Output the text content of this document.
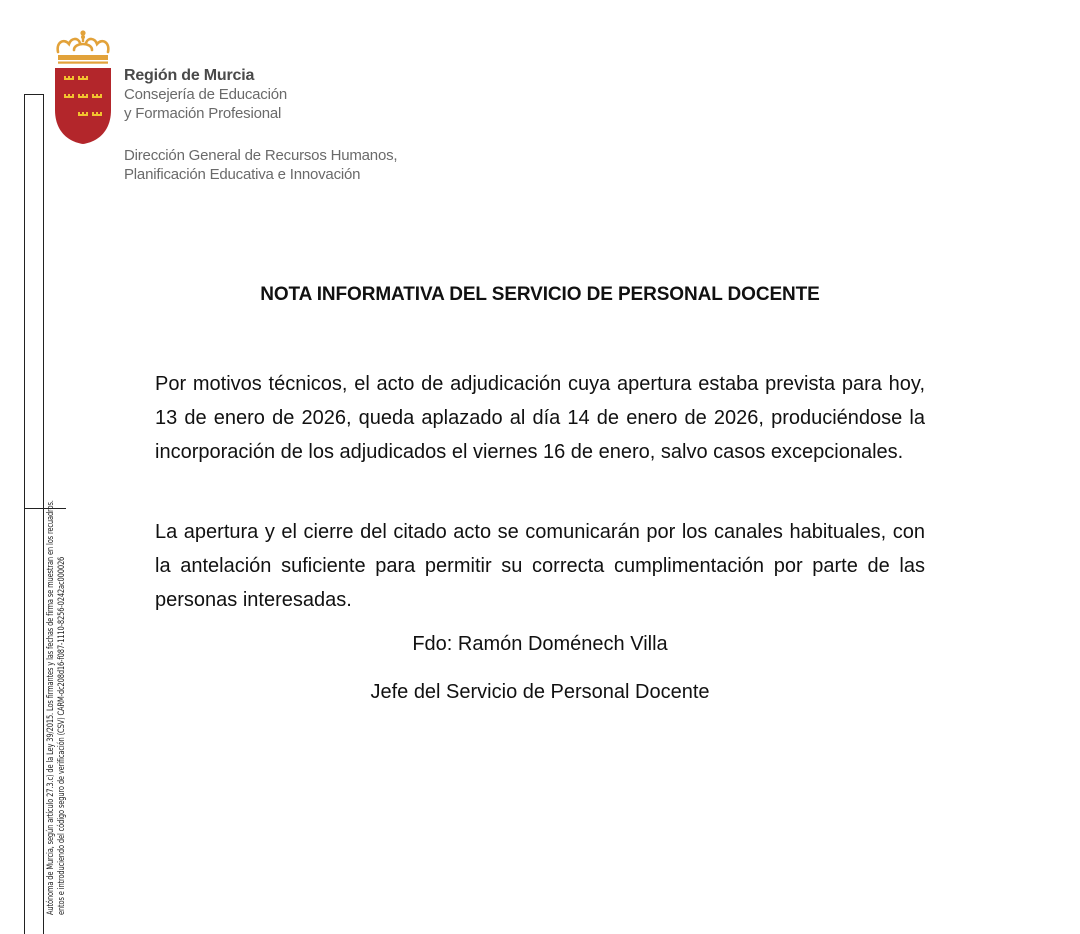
Autónoma de Murcia, según artículo 27.3.c) de la Ley 39/2015. Los firmantes y las fechas de firma se muestran en los recuadros. entos e introduciendo del código seguro de verificación (CSV) CARM-dc208d16-f087-1110-8256-0242ac000026
Región de Murcia
Consejería de Educación
y Formación Profesional
Dirección General de Recursos Humanos,
Planificación Educativa e Innovación
NOTA INFORMATIVA DEL SERVICIO DE PERSONAL DOCENTE

Por motivos técnicos, el acto de adjudicación cuya apertura estaba prevista para hoy, 13 de enero de 2026, queda aplazado al día 14 de enero de 2026, produciéndose la incorporación de los adjudicados el viernes 16 de enero, salvo casos excepcionales.

La apertura y el cierre del citado acto se comunicarán por los canales habituales, con la antelación suficiente para permitir su correcta cumplimentación por parte de las personas interesadas.

Fdo: Ramón Doménech Villa
Jefe del Servicio de Personal Docente
